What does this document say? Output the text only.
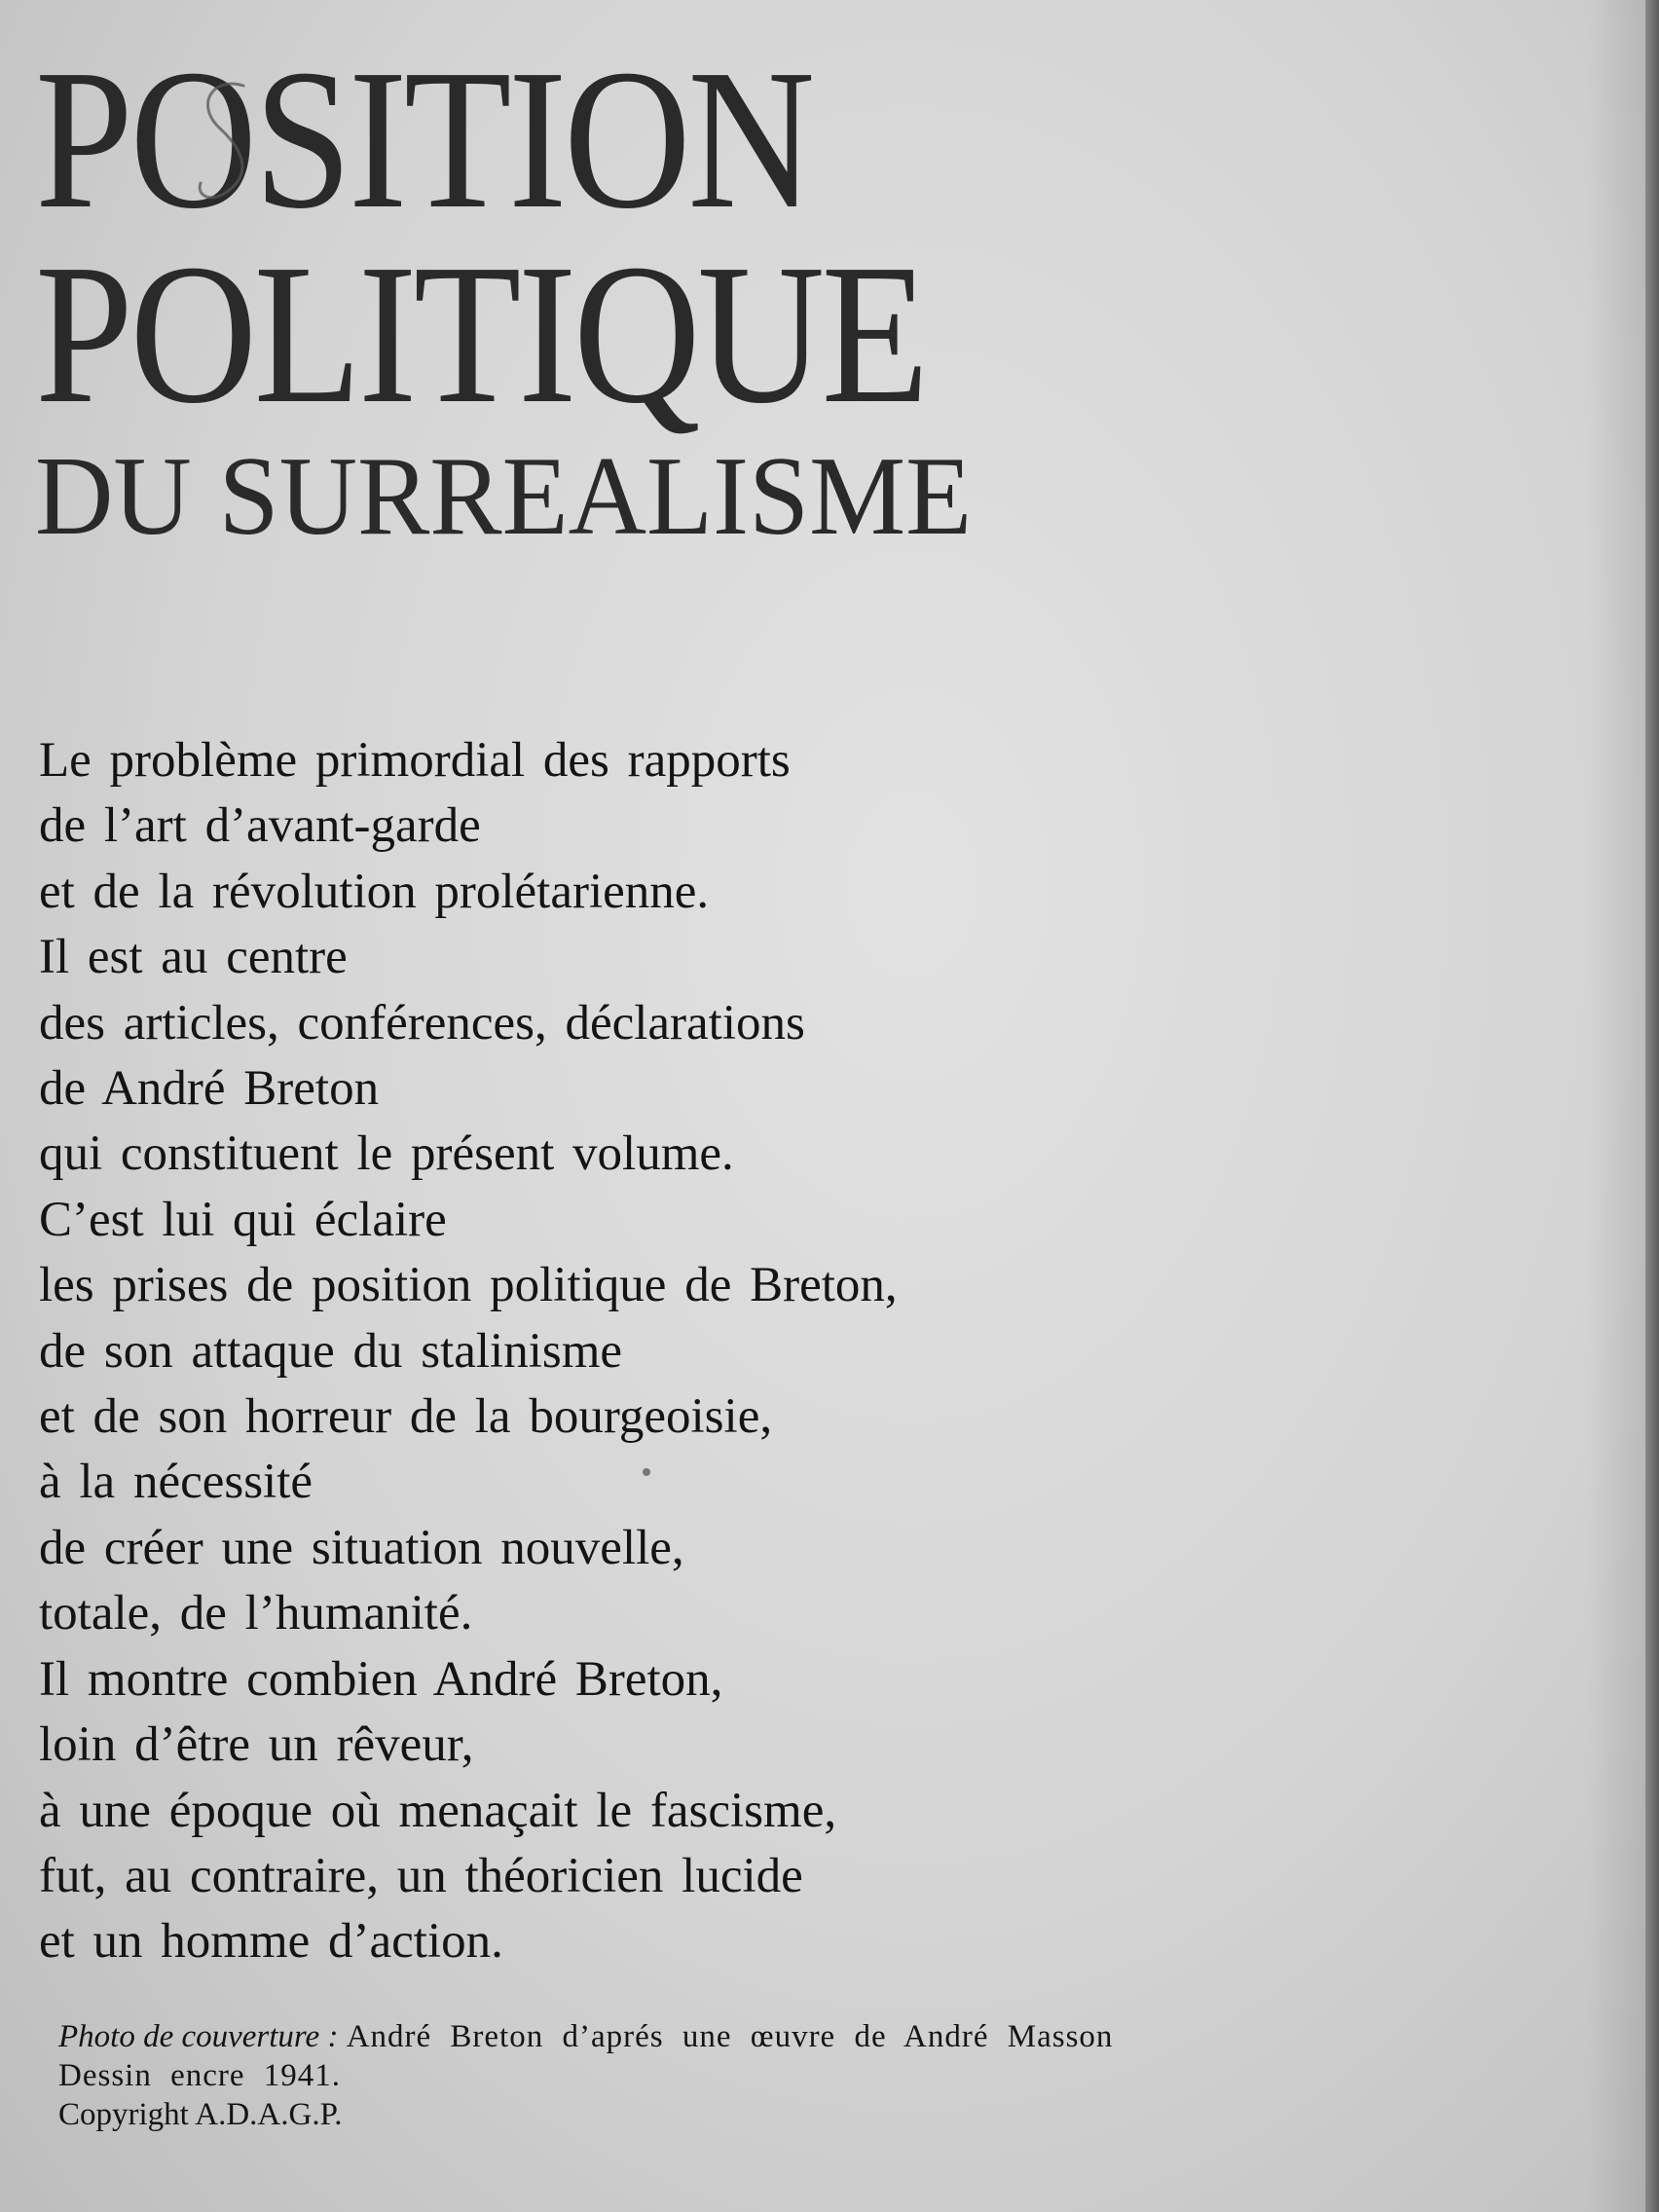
POSITION
POLITIQUE
DU SURREALISME
Le problème primordial des rapports
de l’art d’avant-garde
et de la révolution prolétarienne.
Il est au centre
des articles, conférences, déclarations
de André Breton
qui constituent le présent volume.
C’est lui qui éclaire
les prises de position politique de Breton,
de son attaque du stalinisme
et de son horreur de la bourgeoisie,
à la nécessité
de créer une situation nouvelle,
totale, de l’humanité.
Il montre combien André Breton,
loin d’être un rêveur,
à une époque où menaçait le fascisme,
fut, au contraire, un théoricien lucide
et un homme d’action.
Photo de couverture : André Breton d’aprés une œuvre de André Masson
Dessin encre 1941.
Copyright A.D.A.G.P.
